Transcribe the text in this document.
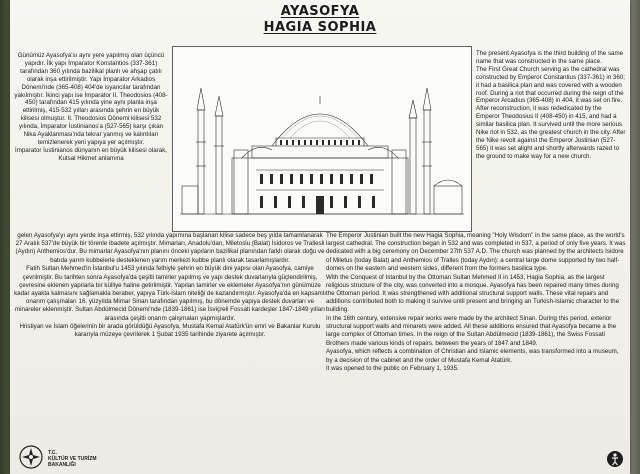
AYASOFYA
HAGIA SOPHIA

Günümüz Ayasofya'sı aynı yere yapılmış olan üçüncü yapıdır. İlk yapı İmparator Konstantios (337-361) tarafından 360 yılında bazilikal planlı ve ahşap çatılı olarak inşa ettirilmiştir. Yapı İmparator Arkadios Dönemi'nde (365-408) 404'de isyancılar tarafından yakılmıştır. İkinci yapı ise İmparator II. Theodosios (408-450) tarafından 415 yılında yine aynı planla inşa ettirilmiş, 415-532 yılları arasında şehrin en büyük kilisesi olmuştur. II. Theodosios Dönemi kilisesi 532 yılında, İmparator İustinianos'a (527-565) karşı çıkan Nika Ayaklanması'nda tekrar yanmış ve kalıntıları temizlenerek yeni yapıya yer açılmıştır.

İmparator İustinianos dünyanın en büyük kilisesi olarak, Kutsal Hikmet anlamına

The present Ayasofya is the third building of the same name that was constructed in the same place.

The First Great Church serving as the cathedral was constructed by Emperor Constantius (337-361) in 360; it had a basilica plan and was covered with a wooden roof. During a riot that occurred during the reign of the Emperor Arcadius (365-408) in 404, it was set on fire.

After reconstruction, it was rededicated by the Emperor Theodosius II (408-450) in 415, and had a similar basilica plan. It survived until the more serious Nike riot in 532, as the greatest church in the city. After the Nike revolt against the Emperor Justinian (527-565) it was set alight and shortly afterwards razed to the ground to make way for a new church.

gelen Ayasofya'yı aynı yerde inşa ettirmiş, 532 yılında yapımına başlanan kilise sadece beş yılda tamamlanarak 27 Aralık 537'de büyük bir törenle ibadete açılmıştır. Mimarları, Anadolu'dan, Miletoslu (Balat) İsidoros ve Trallesli (Aydın) Anthemios'dur. Bu mimarlar Ayasofya'nın planını önceki yapıların bazilikal planından farklı olarak doğu ve batıda yarım kubbelerle desteklenen yarım merkezi kubbe planlı olarak tasarlamışlardır.

Fatih Sultan Mehmed'in İstanbul'u 1453 yılında fethiyle şehrin en büyük dini yapısı olan Ayasofya, camiye çevrilmiştir. Bu tarihten sonra Ayasofya'da çeşitli tamirler yapılmış ve yapı destek duvarlarıyla güçlendirilmiş, çevresine eklenen yapılarla bir külliye haline getirilmiştir. Yapılan tamirler ve eklemeler Ayasofya'nın günümüze kadar ayakta kalmasını sağlamakla beraber, yapıya Türk-İslam niteliği de kazandırmıştır. Ayasofya'da en kapsamlı onarım çalışmaları 16. yüzyılda Mimar Sinan tarafından yapılmış, bu dönemde yapıya destek duvarları ve minareler eklenmiştir. Sultan Abdülmecid Dönemi'nde (1839-1861) ise İsviçreli Fossati kardeşler 1847-1849 yılları arasında çeşitli onarım çalışmaları yapmışlardır.

Hristiyan ve İslam öğelerinin bir arada görüldüğü Ayasofya, Mustafa Kemal Atatürk'ün emri ve Bakanlar Kurulu kararıyla müzeye çevrilerek 1 Şubat 1935 tarihinde ziyarete açılmıştır.

The Emperor Justinian built the new Hagia Sophia, meaning "Holy Wisdom" in the same place, as the world's largest cathedral. The construction began in 532 and was completed in 537, a period of only five years. It was dedicated with a big ceremony on December 27th 537 A.D. The church was planned by the architects Isidore of Miletus (today Balat) and Anthemios of Tralles (today Aydın): a central large dome supported by two half-domes on the eastern and western sides, different from the formers basilica type.

With the Conquest of Istanbul by the Ottoman Sultan Mehmed II in 1453, Hagia Sophia, as the largest religious structure of the city, was converted into a mosque. Ayasofya has been repaired many times during the Ottoman period. It was strengthened with additional structural support walls. These vital repairs and additions contributed both to making it survive until present and bringing an Turkish-Islamic character to the building.

In the 16th century, extensive repair works were made by the architect Sinan. During this period, exterior structural support walls and minarets were added. All these additions ensured that Ayasofya became a the large complex of Ottoman times. In the reign of the Sultan Abdülmecid (1839-1861), the Swiss Fossati Brothers made various kinds of repairs. between the years of 1847 and 1849.

Ayasofya, which reflects a combination of Christian and Islamic elements, was transformed into a museum, by a decision of the cabinet and the order of Mustafa Kemal Atatürk.

It was opened to the public on February 1, 1935.

T.C.
KÜLTÜR VE TURİZM
BAKANLIĞI
